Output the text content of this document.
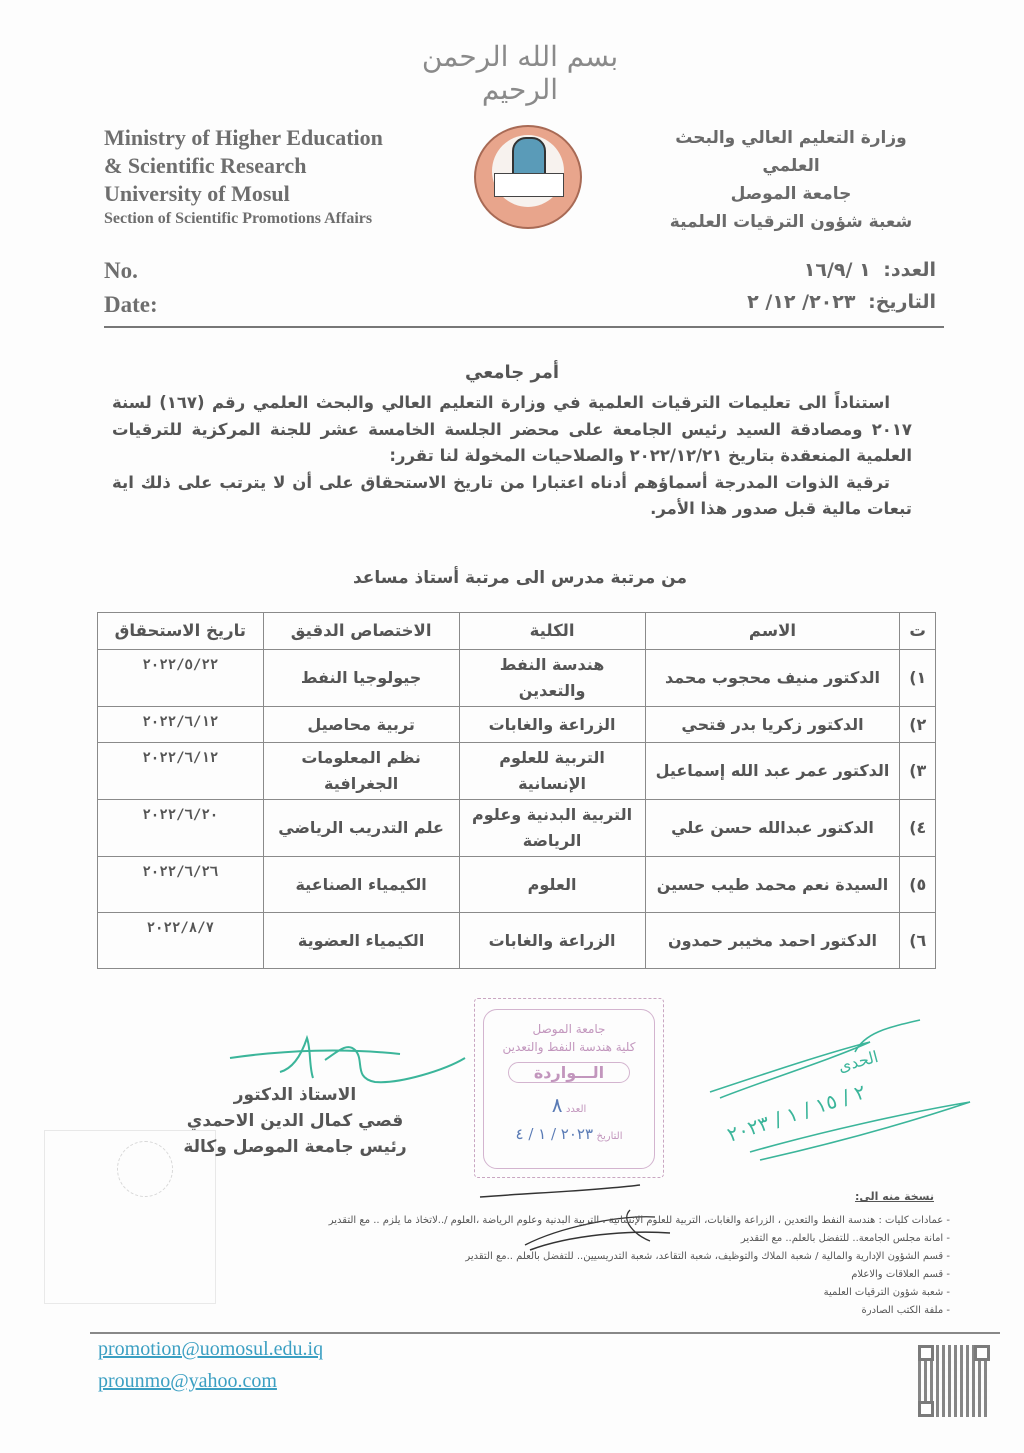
بسم الله الرحمن الرحيم
Ministry of Higher Education
& Scientific Research
University of Mosul
Section of Scientific Promotions Affairs
وزارة التعليم العالي والبحث العلمي
جامعة الموصل
شعبة شؤون الترقيات العلمية
No.
Date:
العدد: ١ /١٦/٩
التاريخ: ٢٠٢٣/ ١٢/ ٢
أمر جامعي

استناداً الى تعليمات الترقيات العلمية في وزارة التعليم العالي والبحث العلمي رقم (١٦٧) لسنة ٢٠١٧ ومصادقة السيد رئيس الجامعة على محضر الجلسة الخامسة عشر للجنة المركزية للترقيات العلمية المنعقدة بتاريخ ٢٠٢٢/١٢/٢١ والصلاحيات المخولة لنا تقرر:

ترقية الذوات المدرجة أسماؤهم أدناه اعتبارا من تاريخ الاستحقاق على أن لا يترتب على ذلك اية تبعات مالية قبل صدور هذا الأمر.

من مرتبة مدرس الى مرتبة أستاذ مساعد
ت	الاسم	الكلية	الاختصاص الدقيق	تاريخ الاستحقاق
١)	الدكتور منيف محجوب محمد	هندسة النفط والتعدين	جيولوجيا النفط	٢٠٢٢/٥/٢٢
٢)	الدكتور زكريا بدر فتحي	الزراعة والغابات	تربية محاصيل	٢٠٢٢/٦/١٢
٣)	الدكتور عمر عبد الله إسماعيل	التربية للعلوم الإنسانية	نظم المعلومات الجغرافية	٢٠٢٢/٦/١٢
٤)	الدكتور عبدالله حسن علي	التربية البدنية وعلوم الرياضة	علم التدريب الرياضي	٢٠٢٢/٦/٢٠
٥)	السيدة نعم محمد طيب حسين	العلوم	الكيمياء الصناعية	٢٠٢٢/٦/٢٦
٦)	الدكتور احمد مخيبر حمدون	الزراعة والغابات	الكيمياء العضوية	٢٠٢٢/٨/٧
الاستاذ الدكتور
قصي كمال الدين الاحمدي
رئيس جامعة الموصل وكالة
جامعة الموصل
كلية هندسة النفط والتعدين
الـــواردة
العدد ٨
التاريخ ٢٠٢٣ / ١ / ٤	٢ / ١٥ / ١ / ٢٠٢٣
الحدى
نسخة منه الى:
- عمادات كليات : هندسة النفط والتعدين ، الزراعة والغابات، التربية للعلوم الإنسانية ، التربية البدنية وعلوم الرياضة ،العلوم /..لاتخاذ ما يلزم .. مع التقدير
- امانة مجلس الجامعة.. للتفضل بالعلم.. مع التقدير
- قسم الشؤون الإدارية والمالية / شعبة الملاك والتوظيف، شعبة التقاعد، شعبة التدريسيين.. للتفضل بالعلم ..مع التقدير
- قسم العلاقات والاعلام
- شعبة شؤون الترقيات العلمية
- ملفة الكتب الصادرة
promotion@uomosul.edu.iq
prounmo@yahoo.com
